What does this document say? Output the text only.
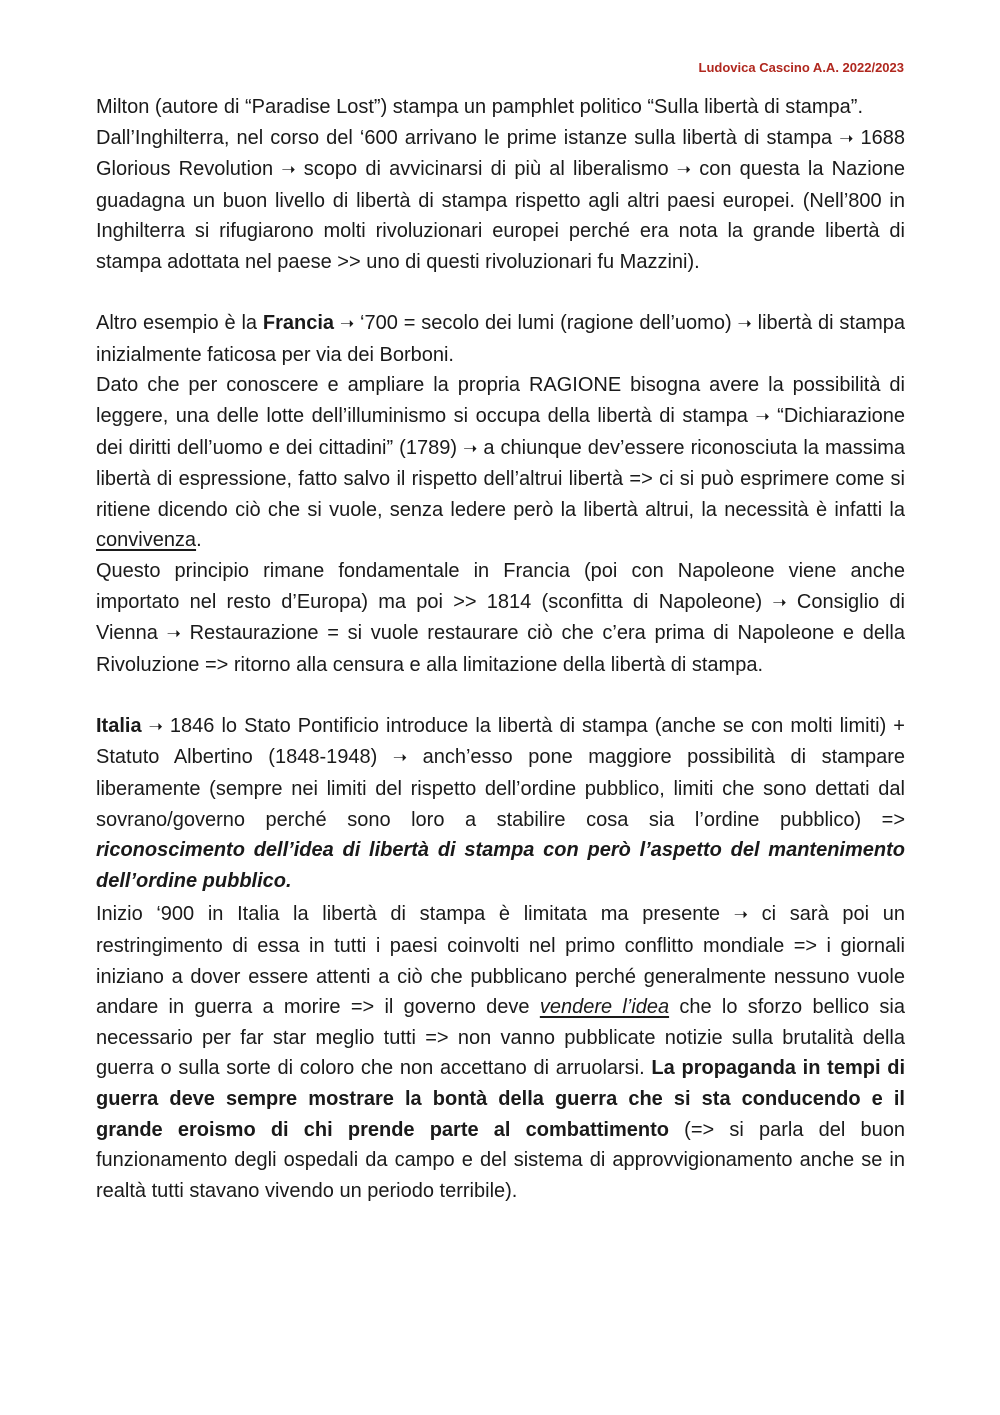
Ludovica Cascino A.A. 2022/2023

Milton (autore di “Paradise Lost”) stampa un pamphlet politico “Sulla libertà di stampa”.

Dall’Inghilterra, nel corso del ‘600 arrivano le prime istanze sulla libertà di stampa ➝ 1688 Glorious Revolution ➝ scopo di avvicinarsi di più al liberalismo ➝ con questa la Nazione guadagna un buon livello di libertà di stampa rispetto agli altri paesi europei. (Nell’800 in Inghilterra si rifugiarono molti rivoluzionari europei perché era nota la grande libertà di stampa adottata nel paese >> uno di questi rivoluzionari fu Mazzini).

Altro esempio è la Francia ➝ ‘700 = secolo dei lumi (ragione dell’uomo) ➝ libertà di stampa inizialmente faticosa per via dei Borboni.

Dato che per conoscere e ampliare la propria RAGIONE bisogna avere la possibilità di leggere, una delle lotte dell’illuminismo si occupa della libertà di stampa ➝ “Dichiarazione dei diritti dell’uomo e dei cittadini” (1789) ➝ a chiunque dev’essere riconosciuta la massima libertà di espressione, fatto salvo il rispetto dell’altrui libertà => ci si può esprimere come si ritiene dicendo ciò che si vuole, senza ledere però la libertà altrui, la necessità è infatti la convivenza.

Questo principio rimane fondamentale in Francia (poi con Napoleone viene anche importato nel resto d’Europa) ma poi >> 1814 (sconfitta di Napoleone) ➝ Consiglio di Vienna ➝ Restaurazione = si vuole restaurare ciò che c’era prima di Napoleone e della Rivoluzione => ritorno alla censura e alla limitazione della libertà di stampa.

Italia ➝ 1846 lo Stato Pontificio introduce la libertà di stampa (anche se con molti limiti) + Statuto Albertino (1848-1948) ➝ anch’esso pone maggiore possibilità di stampare liberamente (sempre nei limiti del rispetto dell’ordine pubblico, limiti che sono dettati dal sovrano/governo perché sono loro a stabilire cosa sia l’ordine pubblico) => riconoscimento dell’idea di libertà di stampa con però l’aspetto del mantenimento dell’ordine pubblico.

Inizio ‘900 in Italia la libertà di stampa è limitata ma presente ➝ ci sarà poi un restringimento di essa in tutti i paesi coinvolti nel primo conflitto mondiale => i giornali iniziano a dover essere attenti a ciò che pubblicano perché generalmente nessuno vuole andare in guerra a morire => il governo deve vendere l’idea che lo sforzo bellico sia necessario per far star meglio tutti => non vanno pubblicate notizie sulla brutalità della guerra o sulla sorte di coloro che non accettano di arruolarsi. La propaganda in tempi di guerra deve sempre mostrare la bontà della guerra che si sta conducendo e il grande eroismo di chi prende parte al combattimento (=> si parla del buon funzionamento degli ospedali da campo e del sistema di approvvigionamento anche se in realtà tutti stavano vivendo un periodo terribile).
